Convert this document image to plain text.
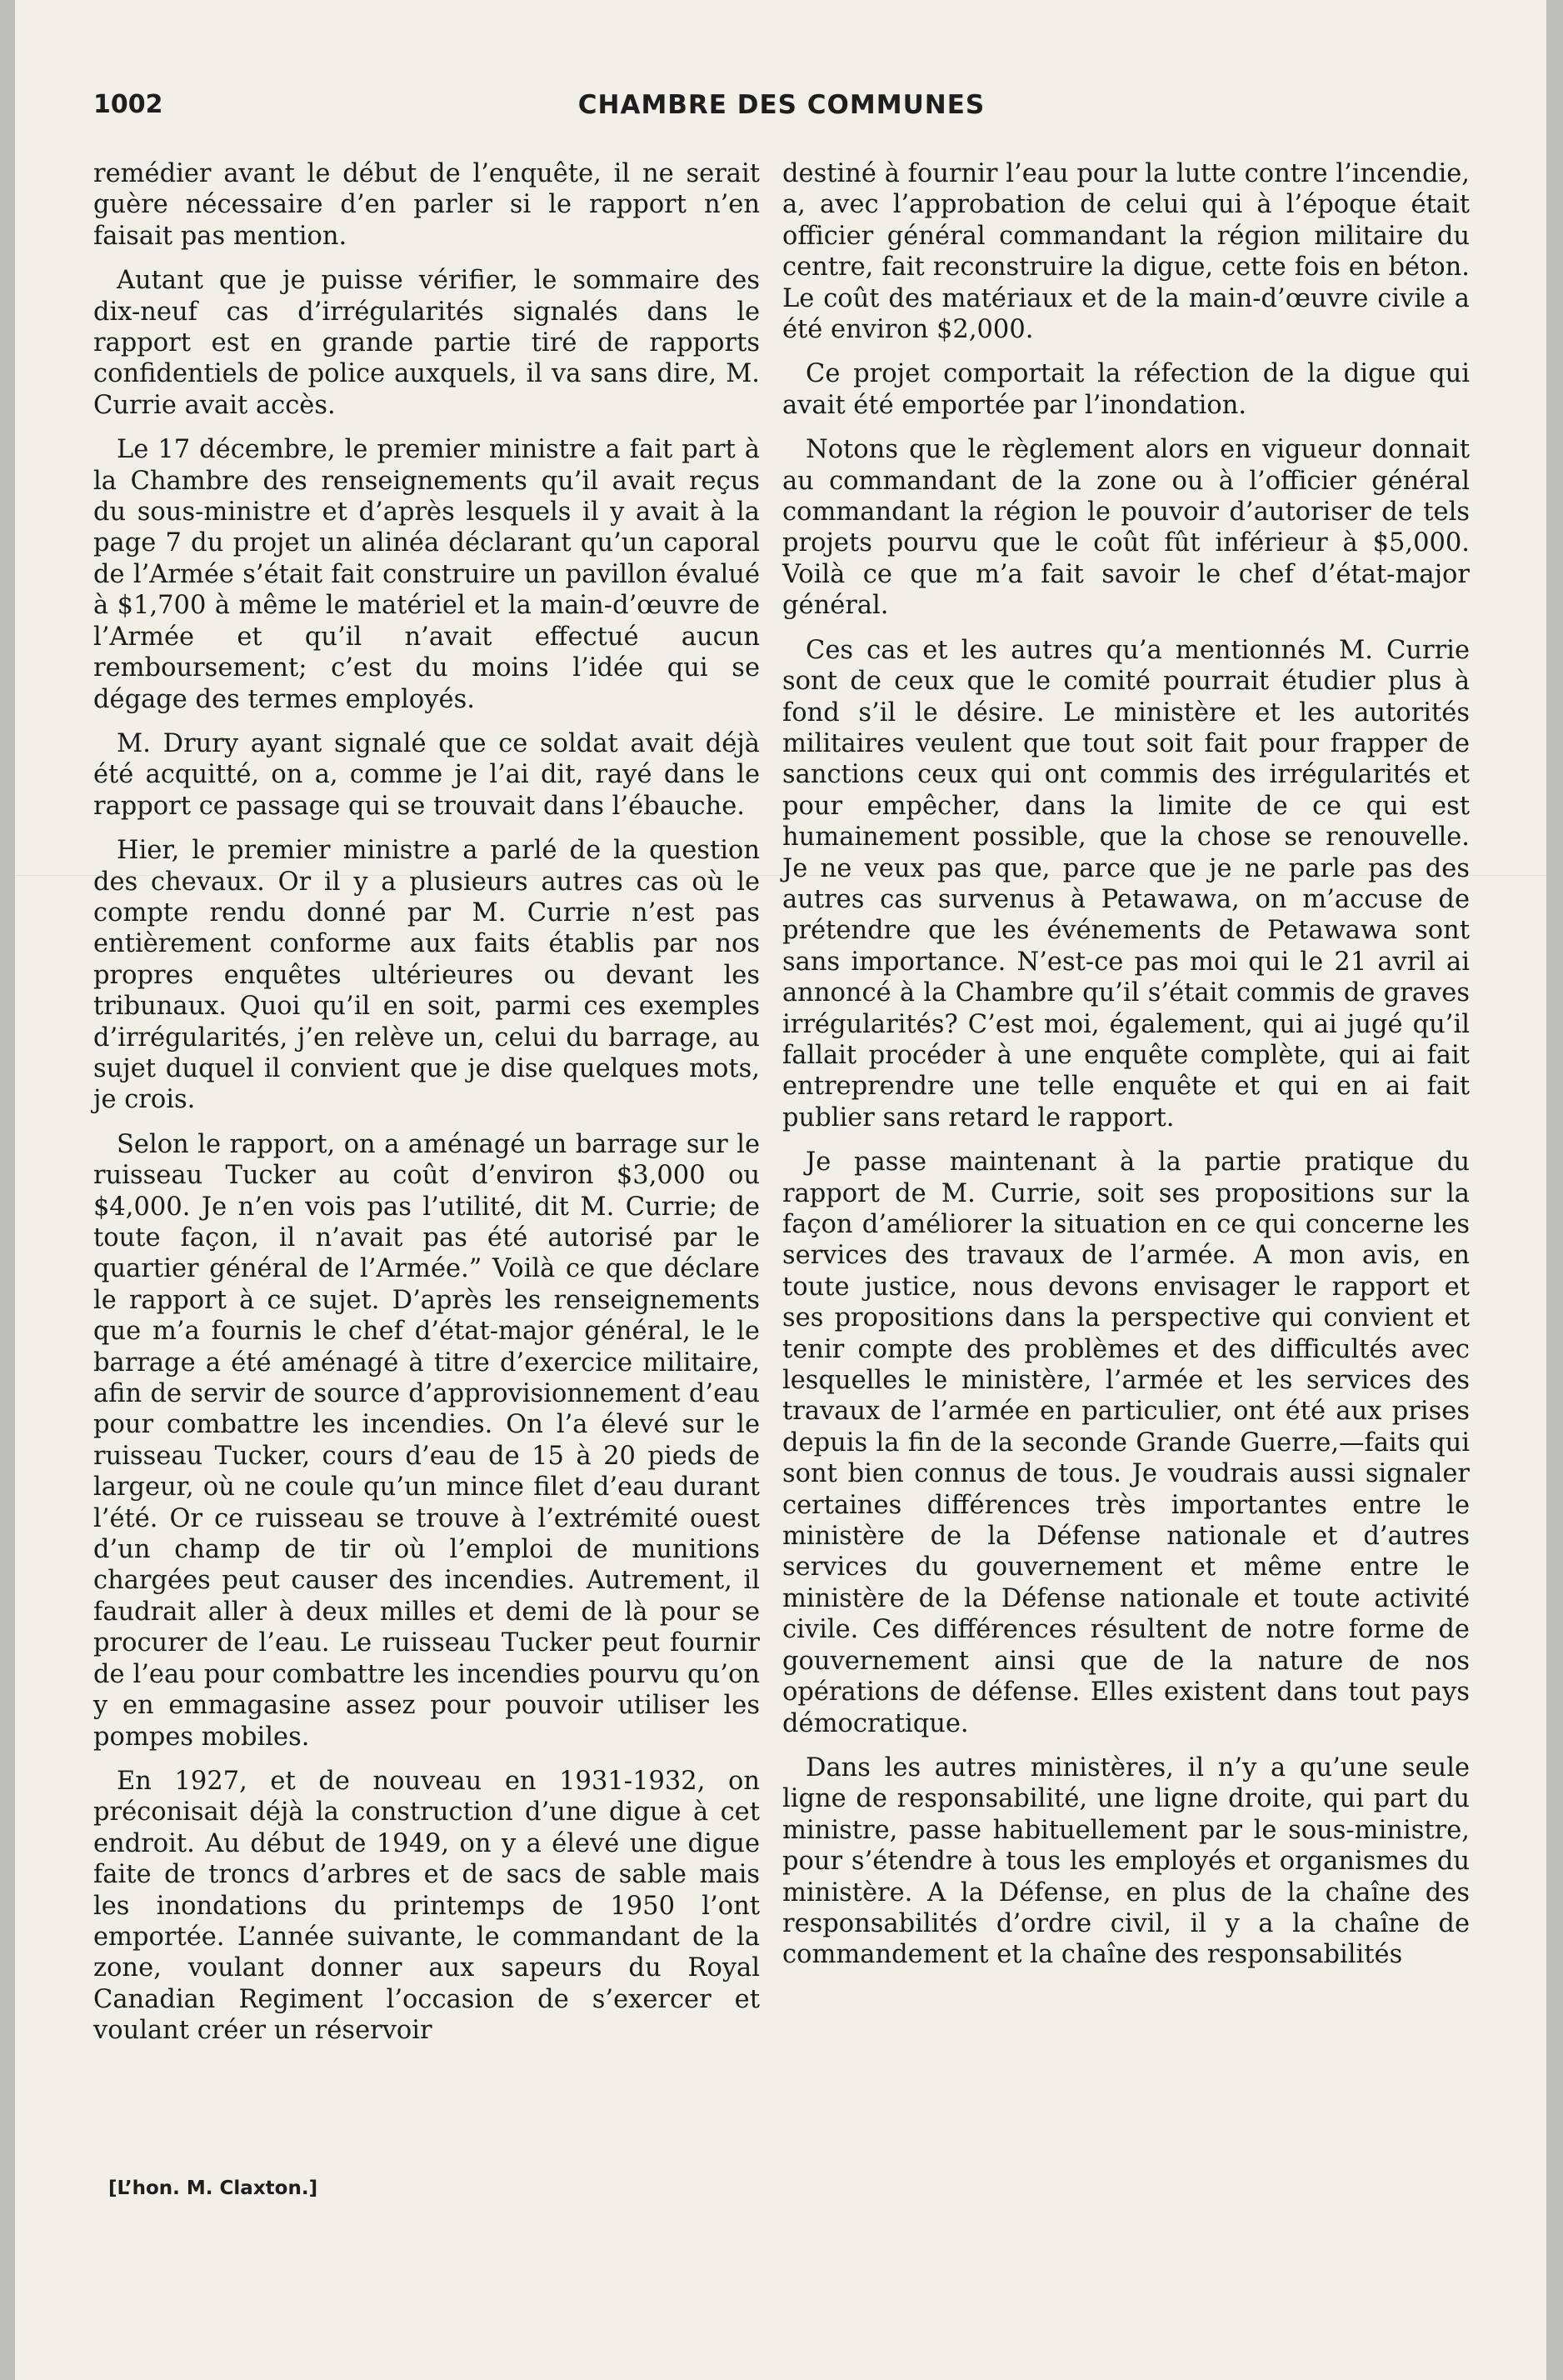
1002	CHAMBRE DES COMMUNES

remédier avant le début de l’enquête, il ne serait guère nécessaire d’en parler si le rapport n’en faisait pas mention.

Autant que je puisse vérifier, le sommaire des dix-neuf cas d’irrégularités signalés dans le rapport est en grande partie tiré de rapports confidentiels de police auxquels, il va sans dire, M. Currie avait accès.

Le 17 décembre, le premier ministre a fait part à la Chambre des renseignements qu’il avait reçus du sous-ministre et d’après lesquels il y avait à la page 7 du projet un alinéa déclarant qu’un caporal de l’Armée s’était fait construire un pavillon évalué à $1,700 à même le matériel et la main-d’œuvre de l’Armée et qu’il n’avait effectué aucun remboursement; c’est du moins l’idée qui se dégage des termes employés.

M. Drury ayant signalé que ce soldat avait déjà été acquitté, on a, comme je l’ai dit, rayé dans le rapport ce passage qui se trouvait dans l’ébauche.

Hier, le premier ministre a parlé de la question des chevaux. Or il y a plusieurs autres cas où le compte rendu donné par M. Currie n’est pas entièrement conforme aux faits établis par nos propres enquêtes ultérieures ou devant les tribunaux. Quoi qu’il en soit, parmi ces exemples d’irrégularités, j’en relève un, celui du barrage, au sujet duquel il convient que je dise quelques mots, je crois.

Selon le rapport, on a aménagé un barrage sur le ruisseau Tucker au coût d’environ $3,000 ou $4,000. Je n’en vois pas l’utilité, dit M. Currie; de toute façon, il n’avait pas été autorisé par le quartier général de l’Armée.” Voilà ce que déclare le rapport à ce sujet. D’après les renseignements que m’a fournis le chef d’état-major général, le le barrage a été aménagé à titre d’exercice militaire, afin de servir de source d’approvisionnement d’eau pour combattre les incendies. On l’a élevé sur le ruisseau Tucker, cours d’eau de 15 à 20 pieds de largeur, où ne coule qu’un mince filet d’eau durant l’été. Or ce ruisseau se trouve à l’extrémité ouest d’un champ de tir où l’emploi de munitions chargées peut causer des incendies. Autrement, il faudrait aller à deux milles et demi de là pour se procurer de l’eau. Le ruisseau Tucker peut fournir de l’eau pour combattre les incendies pourvu qu’on y en emmagasine assez pour pouvoir utiliser les pompes mobiles.

En 1927, et de nouveau en 1931-1932, on préconisait déjà la construction d’une digue à cet endroit. Au début de 1949, on y a élevé une digue faite de troncs d’arbres et de sacs de sable mais les inondations du printemps de 1950 l’ont emportée. L’année suivante, le commandant de la zone, voulant donner aux sapeurs du Royal Canadian Regiment l’occasion de s’exercer et voulant créer un réservoir

destiné à fournir l’eau pour la lutte contre l’incendie, a, avec l’approbation de celui qui à l’époque était officier général commandant la région militaire du centre, fait reconstruire la digue, cette fois en béton. Le coût des matériaux et de la main-d’œuvre civile a été environ $2,000.

Ce projet comportait la réfection de la digue qui avait été emportée par l’inondation.

Notons que le règlement alors en vigueur donnait au commandant de la zone ou à l’officier général commandant la région le pouvoir d’autoriser de tels projets pourvu que le coût fût inférieur à $5,000. Voilà ce que m’a fait savoir le chef d’état-major général.

Ces cas et les autres qu’a mentionnés M. Currie sont de ceux que le comité pourrait étudier plus à fond s’il le désire. Le ministère et les autorités militaires veulent que tout soit fait pour frapper de sanctions ceux qui ont commis des irrégularités et pour empêcher, dans la limite de ce qui est humainement possible, que la chose se renouvelle. Je ne veux pas que, parce que je ne parle pas des autres cas survenus à Petawawa, on m’accuse de prétendre que les événements de Petawawa sont sans importance. N’est-ce pas moi qui le 21 avril ai annoncé à la Chambre qu’il s’était commis de graves irrégularités? C’est moi, également, qui ai jugé qu’il fallait procéder à une enquête complète, qui ai fait entreprendre une telle enquête et qui en ai fait publier sans retard le rapport.

Je passe maintenant à la partie pratique du rapport de M. Currie, soit ses propositions sur la façon d’améliorer la situation en ce qui concerne les services des travaux de l’armée. A mon avis, en toute justice, nous devons envisager le rapport et ses propositions dans la perspective qui convient et tenir compte des problèmes et des difficultés avec lesquelles le ministère, l’armée et les services des travaux de l’armée en particulier, ont été aux prises depuis la fin de la seconde Grande Guerre,—faits qui sont bien connus de tous. Je voudrais aussi signaler certaines différences très importantes entre le ministère de la Défense nationale et d’autres services du gouvernement et même entre le ministère de la Défense nationale et toute activité civile. Ces différences résultent de notre forme de gouvernement ainsi que de la nature de nos opérations de défense. Elles existent dans tout pays démocratique.

Dans les autres ministères, il n’y a qu’une seule ligne de responsabilité, une ligne droite, qui part du ministre, passe habituellement par le sous-ministre, pour s’étendre à tous les employés et organismes du ministère. A la Défense, en plus de la chaîne des responsabilités d’ordre civil, il y a la chaîne de commandement et la chaîne des responsabilités

[L’hon. M. Claxton.]
